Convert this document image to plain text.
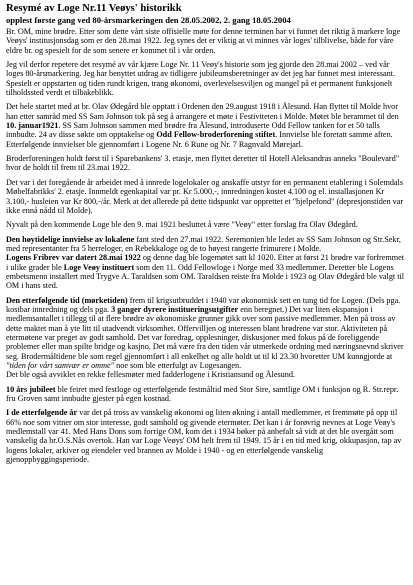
Resymé av Loge Nr.11 Veøys' historikk
opplest første gang ved 80-årsmarkeringen den 28.05.2002, 2. gang 18.05.2004

Br. OM, mine brødre. Etter som dette vårt siste offisielle møte for denne terminen har vi funnet det riktig å markere loge Veøys' institusjonsdag som er den 28.mai 1922. Jeg synes det er viktig at vi minnes vår loges' tilblivelse, både for våre eldre br. og spesielt for de som senere er kommet til i vår orden.

Jeg vil derfor repetere det resymé av vår kjære Loge Nr. 11 Veøy's historie som jeg gjorde den 28.mai 2002 – ved vår loges 80-årsmarkering. Jeg har benyttet utdrag av tidligere jubileumsberetninger av det jeg har funnet mest interessant. Spesielt er oppstarten og tiden rundt krigen, trang økonomi, overlevelsesviljen og mangel på et permanent funksjonelt tilholdssted verdt et tilbakeblikk.

Det hele startet med at br. Olav Ødegård ble opptatt i Ordenen den 29.august 1918 i Ålesund. Han flyttet til Molde hvor han etter samråd med SS Sam Johnson tok på seg å arrangere et møte i Festiviteten i Molde. Møtet ble berammet til den 10. januar1921. SS Sam Johnson sammen med brødre fra Ålesund, introduserte Odd Fellow tanken for et 50 talls innbudte. 24 av disse søkte om opptakelse og Odd Fellow-broderforening stiftet. Innvielse ble foretatt samme aften. Etterfølgende innvielser ble gjennomført i Logene Nr. 6 Rune og Nr. 7 Ragnvald Mørejarl.

Broderforeningen holdt først til i Sparebankens' 3. etasje, men flyttet deretter til Hotell Aleksandras anneks "Boulevard" hvor de holdt til frem til 23.mai 1922.

Det var i det foregående år arbeidet med å innrede logelokaler og anskaffe utstyr for en permanent etablering i Solemdals Møbelfabrikks' 2. etasje. Innmeldt egenkapital var pr. Kr 5.000,-, innredningen kostet 4.100 og el. installasjonen Kr 3.100,- husleien var Kr 800,-/år. Merk at det allerede på dette tidspunkt var opprettet et "hjelpefond" (depresjonstiden var ikke ennå nådd til Molde).

Nyvalt på den kommende Loge ble den 9. mai 1921 besluttet å være "Veøy" etter forslag fra Olav Ødegård.

Den høytidelige innvielse av lokalene fant sted den 27.mai 1922. Seremonien ble ledet av SS Sam Johnson og Str.Sekr, med representanter fra 5 herreloger, en Rebekkaloge og de to høyest rangerte frimurere i Molde.

Logens Fribrev var datert 28.mai 1922 og denne dag ble logemøtet satt kl 1020. Etter at først 21 brødre var forfremmet i ulike grader ble Loge Veøy instituert som den 11. Odd Fellowloge i Norge med 33 medlemmer. Deretter ble Logens embetsmenn installert med Trygve A. Taraldsen som OM. Taraldsen reiste fra Molde i 1923 og Olav Ødegård ble valgt til OM i hans sted.

Den etterfølgende tid (mørketiden) frem til krigsutbruddet i 1940 var økonomisk sett en tung tid for Logen. (Dels pga. kostbar innredning og dels pga. 3 ganger dyrere institueringsutgifter enn beregnet.) Det var liten ekspansjon i medlemsantallet i tillegg til at flere brødre av økonomiske grunner gikk over som passive medlemmer. Men på tross av dette maktet man å yte litt til utadvendt virksomhet. Offervilljen og interessen blant brødrene var stor. Aktiviteten på etermøtene var preget av godt samhold. Det var foredrag, opplesninger, diskusjoner med fokus på de foreliggende problemer eller man spilte bridge og kasjno. Det må være fra den tiden vår utmerkede ordning med næringsnevnd skriver seg. Brodermåltidene ble som regel gjennomført i all enkelhet og alle holdt ut til kl 23.30 hvoretter UM kunngjorde at "tiden for vårt samvær er omme" noe som ble etterfulgt av Logesangen.

Det ble også avviklet en rekke fellesmøter med fadderlogene i Kristiansund og Ålesund.

10 års jubileet ble feiret med festloge og etterfølgende festmåltid med Stor Sire, samtlige OM i funksjon og R. Str.repr. fru Groven samt innbudte gjester på egen kostnad.

I de etterfølgende år var det på tross av vanskelig økonomi og liten økning i antall medlemmer, et fremmøte på opp til 66% noe som vitner om stor interesse, godt samhold og givende etermøter. Det kan i år forøvrig nevnes at Loge Veøy's medlemstall var 41. Med Hans Dons som forrige OM, kom det i 1934 bøker på anbefalt så vidt at det ble overgått som vanskelig da br.O.S.Nås overtok. Han var Loge Veøys' OM helt frem til 1949. 15 år i en tid med krig, okkupasjon, tap av logens lokaler, arkiver og eiendeler ved brannen av Molde i 1940 - og en etterfølgende vanskelig gjenoppbyggingsperiode.
